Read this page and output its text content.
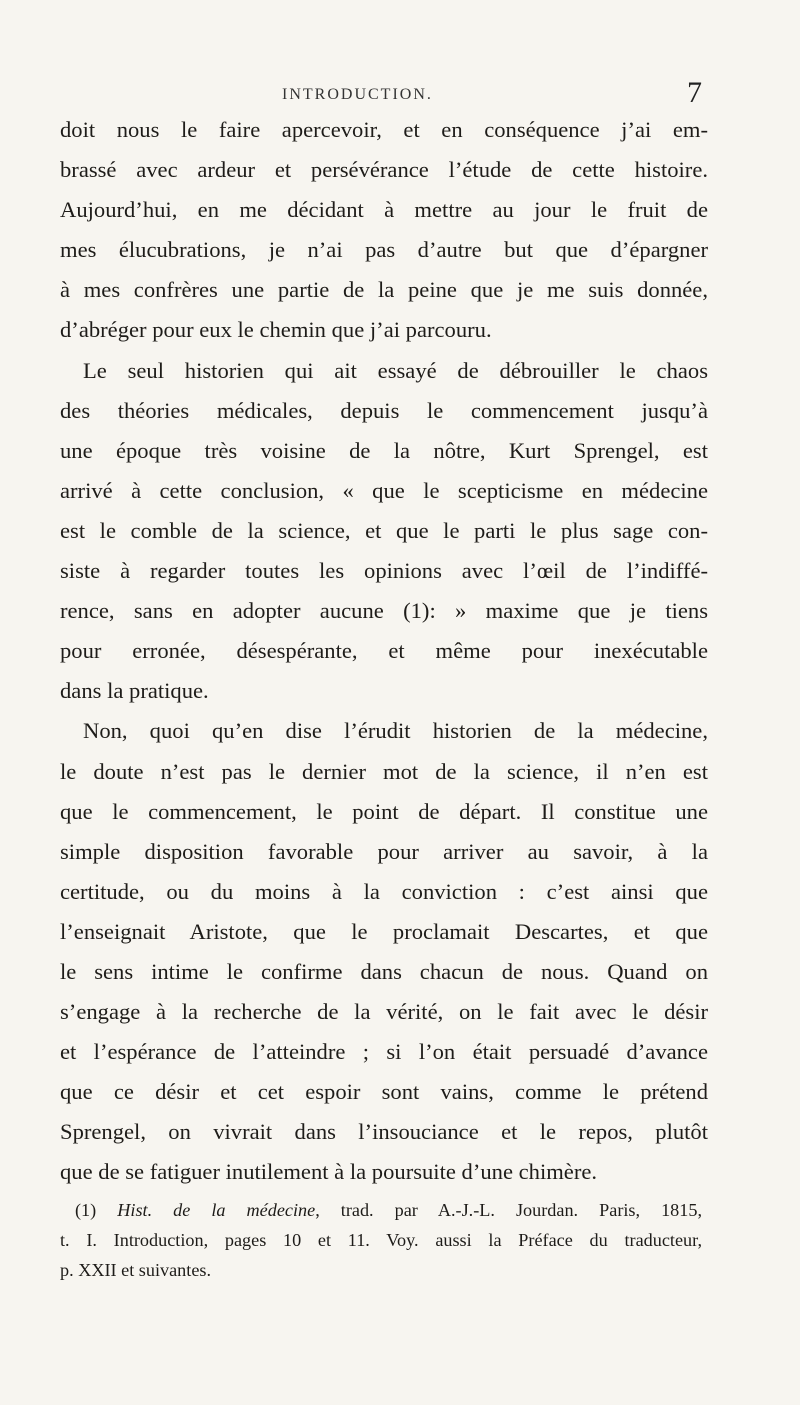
INTRODUCTION.	7
doit nous le faire apercevoir, et en conséquence j’ai em-
brassé avec ardeur et persévérance l’étude de cette histoire.
Aujourd’hui, en me décidant à mettre au jour le fruit de
mes élucubrations, je n’ai pas d’autre but que d’épargner
à mes confrères une partie de la peine que je me suis donnée,
d’abréger pour eux le chemin que j’ai parcouru.
Le seul historien qui ait essayé de débrouiller le chaos
des théories médicales, depuis le commencement jusqu’à
une époque très voisine de la nôtre, Kurt Sprengel, est
arrivé à cette conclusion, « que le scepticisme en médecine
est le comble de la science, et que le parti le plus sage con-
siste à regarder toutes les opinions avec l’œil de l’indiffé-
rence, sans en adopter aucune (1): » maxime que je tiens
pour erronée, désespérante, et même pour inexécutable
dans la pratique.
Non, quoi qu’en dise l’érudit historien de la médecine,
le doute n’est pas le dernier mot de la science, il n’en est
que le commencement, le point de départ. Il constitue une
simple disposition favorable pour arriver au savoir, à la
certitude, ou du moins à la conviction : c’est ainsi que
l’enseignait Aristote, que le proclamait Descartes, et que
le sens intime le confirme dans chacun de nous. Quand on
s’engage à la recherche de la vérité, on le fait avec le désir
et l’espérance de l’atteindre ; si l’on était persuadé d’avance
que ce désir et cet espoir sont vains, comme le prétend
Sprengel, on vivrait dans l’insouciance et le repos, plutôt
que de se fatiguer inutilement à la poursuite d’une chimère.
(1) Hist. de la médecine, trad. par A.-J.-L. Jourdan. Paris, 1815,
t. I. Introduction, pages 10 et 11. Voy. aussi la Préface du traducteur,
p. XXII et suivantes.
